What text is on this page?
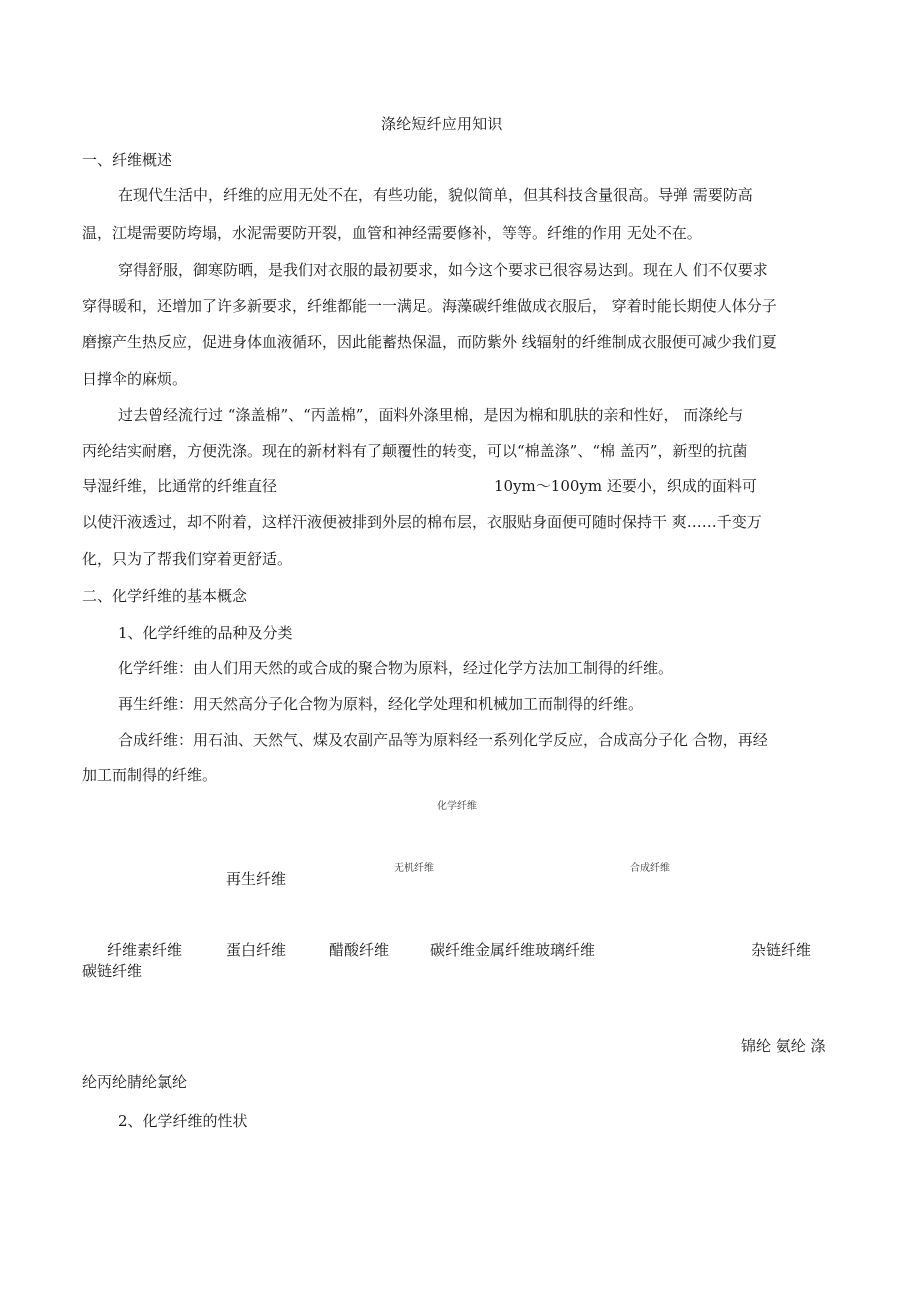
涤纶短纤应用知识
一、纤维概述
在现代生活中，纤维的应用无处不在，有些功能，貌似简单，但其科技含量很高。导弹 需要防高
温，江堤需要防垮塌，水泥需要防开裂，血管和神经需要修补，等等。纤维的作用 无处不在。
穿得舒服，御寒防晒，是我们对衣服的最初要求，如今这个要求已很容易达到。现在人 们不仅要求
穿得暖和，还增加了许多新要求，纤维都能一一满足。海藻碳纤维做成衣服后， 穿着时能长期使人体分子
磨擦产生热反应，促进身体血液循环，因此能蓄热保温，而防紫外 线辐射的纤维制成衣服便可减少我们夏
日撑伞的麻烦。
过去曾经流行过 “涤盖棉”、“丙盖棉”，面料外涤里棉，是因为棉和肌肤的亲和性好， 而涤纶与
丙纶结实耐磨，方便洗涤。现在的新材料有了颠覆性的转变，可以“棉盖涤”、“棉 盖丙”，新型的抗菌
导湿纤维，比通常的纤维直径	10ym～100ym 还要小，织成的面料可
以使汗液透过，却不附着，这样汗液便被排到外层的棉布层，衣服贴身面便可随时保持干 爽……千变万
化，只为了帮我们穿着更舒适。
二、化学纤维的基本概念
1、化学纤维的品种及分类
化学纤维：由人们用天然的或合成的聚合物为原料，经过化学方法加工制得的纤维。
再生纤维：用天然高分子化合物为原料，经化学处理和机械加工而制得的纤维。
合成纤维：用石油、天然气、煤及农副产品等为原料经一系列化学反应，合成高分子化 合物，再经
加工而制得的纤维。
化学纤维
再生纤维
无机纤维	合成纤维
纤维素纤维	蛋白纤维	醋酸纤维	碳纤维金属纤维玻璃纤维	杂链纤维
碳链纤维
锦纶 氨纶 涤
纶丙纶腈纶氯纶
2、化学纤维的性状
